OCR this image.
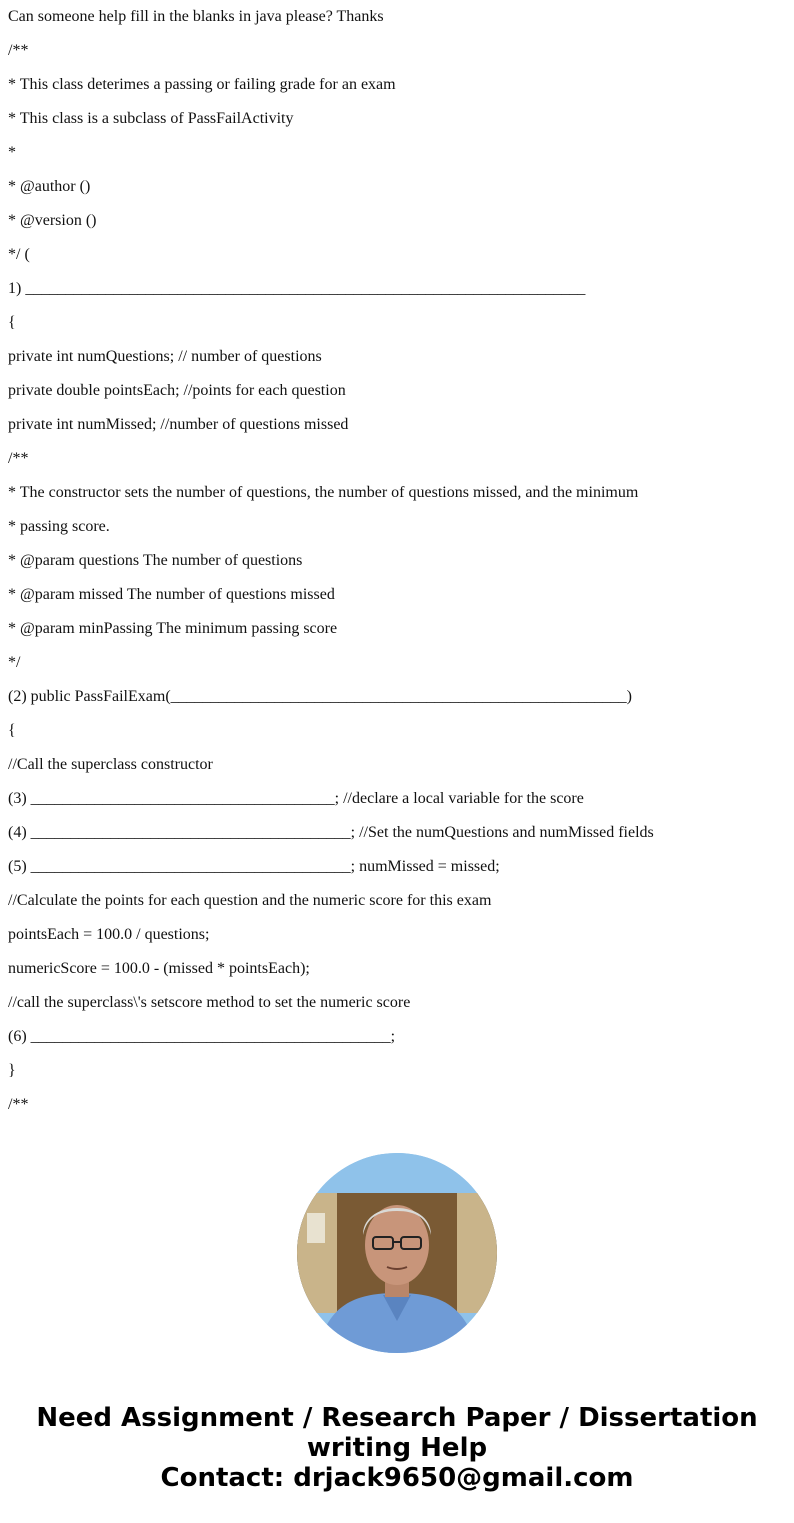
Can someone help fill in the blanks in java please? Thanks

/**

* This class deterimes a passing or failing grade for an exam

* This class is a subclass of PassFailActivity

*

* @author ()

* @version ()

*/ (

1) ______________________________________________________________________

{

private int numQuestions; // number of questions

private double pointsEach; //points for each question

private int numMissed; //number of questions missed

/**

* The constructor sets the number of questions, the number of questions missed, and the minimum

* passing score.

* @param questions The number of questions

* @param missed The number of questions missed

* @param minPassing The minimum passing score

*/

(2) public PassFailExam(_________________________________________________________)

{

//Call the superclass constructor

(3) ______________________________________; //declare a local variable for the score

(4) ________________________________________; //Set the numQuestions and numMissed fields

(5) ________________________________________; numMissed = missed;

//Calculate the points for each question and the numeric score for this exam

pointsEach = 100.0 / questions;

numericScore = 100.0 - (missed * pointsEach);

//call the superclass\'s setscore method to set the numeric score

(6) _____________________________________________;

}

/**

Need Assignment / Research Paper / Dissertation
writing Help
Contact: drjack9650@gmail.com
